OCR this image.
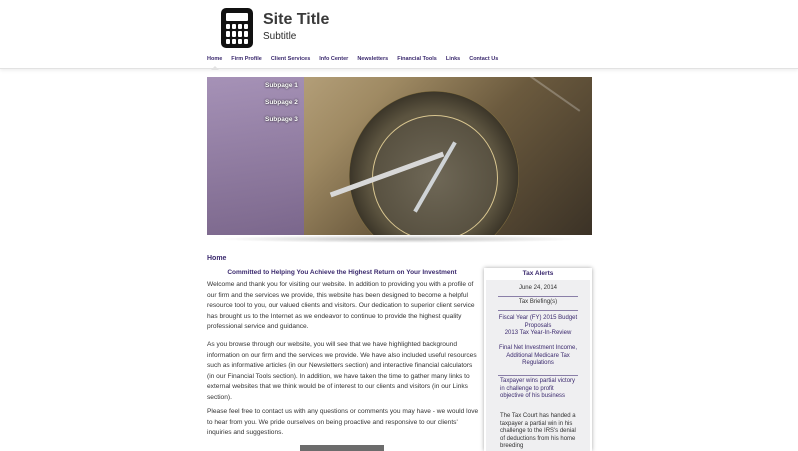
Site Title
Subtitle
Home Firm Profile Client Services Info Center Newsletters Financial Tools Links Contact Us
Subpage 1
Subpage 2
Subpage 3
Home
Committed to Helping You Achieve the Highest Return on Your Investment

Welcome and thank you for visiting our website. In addition to providing you with a profile of our firm and the services we provide, this website has been designed to become a helpful resource tool to you, our valued clients and visitors. Our dedication to superior client service has brought us to the Internet as we endeavor to continue to provide the highest quality professional service and guidance.

As you browse through our website, you will see that we have highlighted background information on our firm and the services we provide. We have also included useful resources such as informative articles (in our Newsletters section) and interactive financial calculators (in our Financial Tools section). In addition, we have taken the time to gather many links to external websites that we think would be of interest to our clients and visitors (in our Links section).

Please feel free to contact us with any questions or comments you may have - we would love to hear from you. We pride ourselves on being proactive and responsive to our clients' inquiries and suggestions.

Tax Alerts
June 24, 2014
Tax Briefing(s)
Fiscal Year (FY) 2015 Budget Proposals
2013 Tax Year-In-Review
Final Net Investment Income, Additional Medicare Tax Regulations
Taxpayer wins partial victory in challenge to profit objective of his business
The Tax Court has handed a taxpayer a partial win in his challenge to the IRS's denial of deductions from his home breeding
